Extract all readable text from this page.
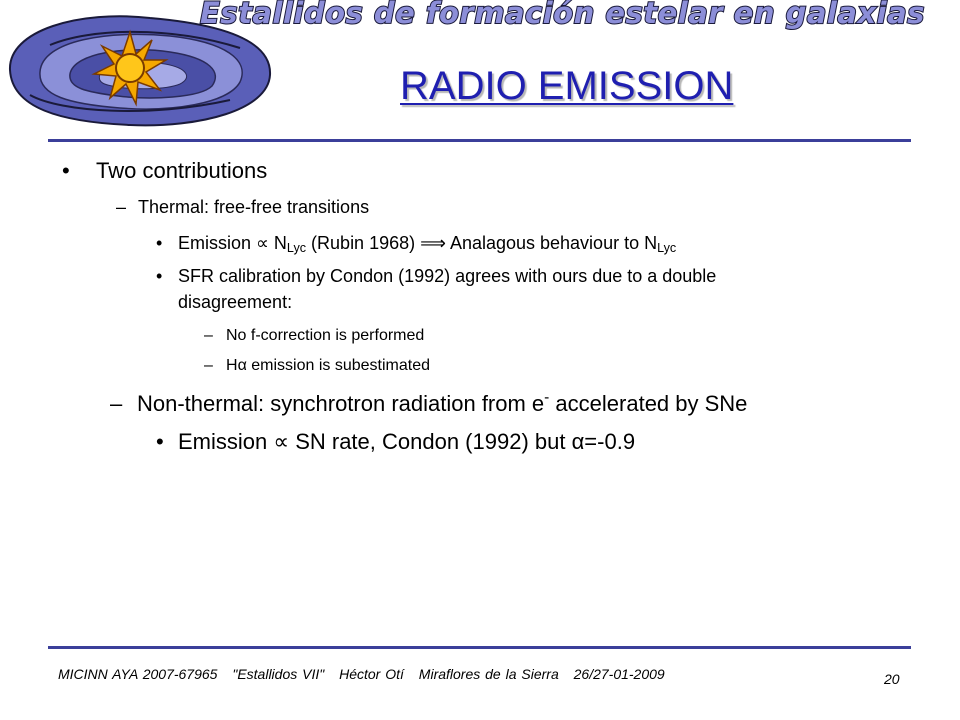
Estallidos de formación estelar en galaxias
RADIO EMISSION
• Two contributions
– Thermal: free-free transitions
• Emission ∝ $N_{Lyc}$ (Rubin 1968) ⟹ Analagous behaviour to $N_{Lyc}$
• SFR calibration by Condon (1992) agrees with ours due to a double
disagreement:
– No f-correction is performed
– Hα emission is subestimated
– Non-thermal: synchrotron radiation from e- accelerated by SNe
• Emission ∝ SN rate, Condon (1992) but α=-0.9
MICINN AYA 2007-67965 "Estallidos VII" Héctor Otí Miraflores de la Sierra 26/27-01-2009	20
